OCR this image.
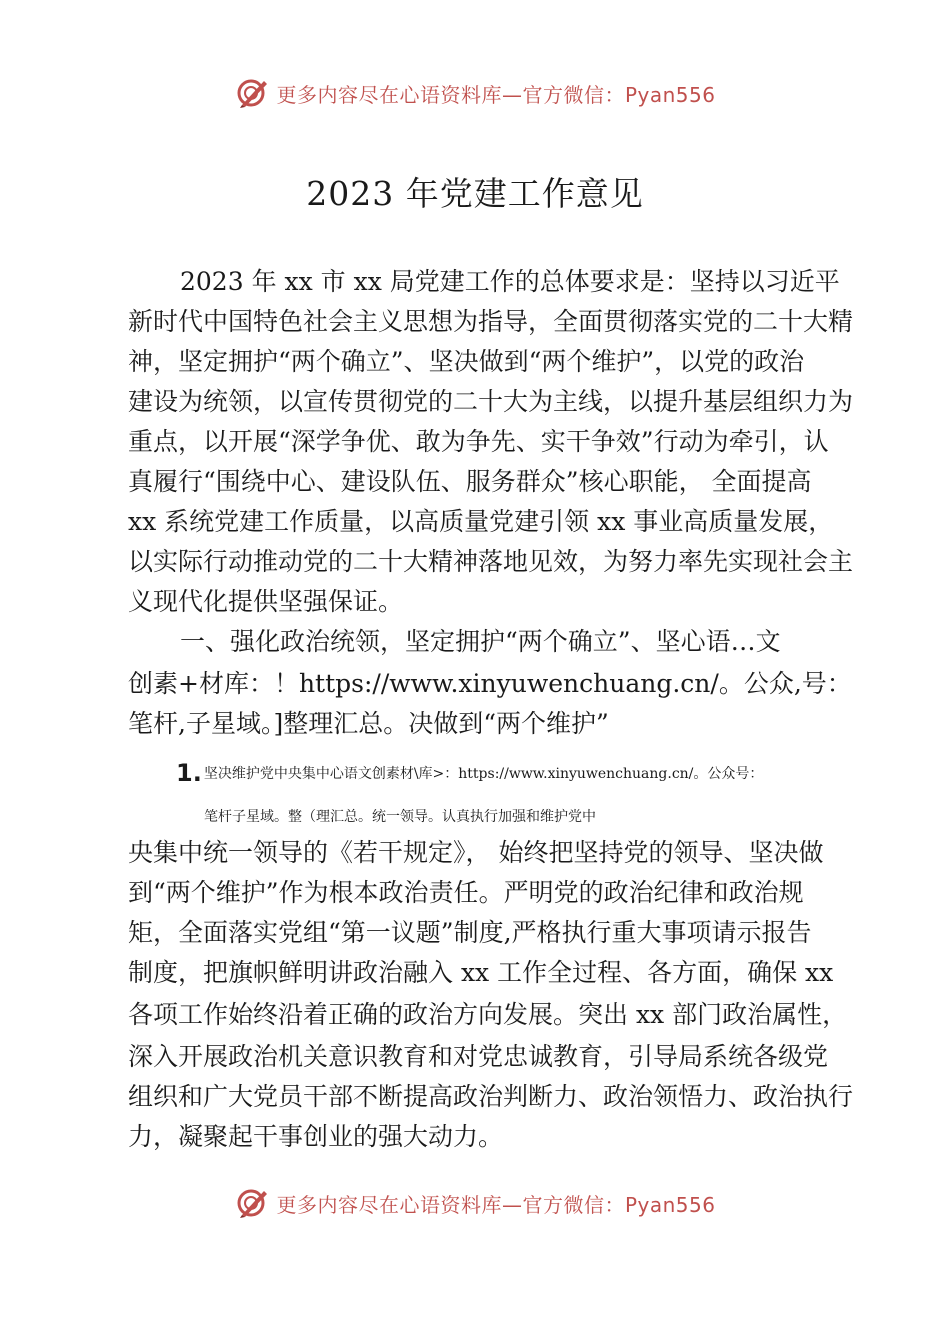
更多内容尽在心语资料库—官方微信：Pyan556
2023 年党建工作意见
2023 年 xx 市 xx 局党建工作的总体要求是：坚持以习近平
新时代中国特色社会主义思想为指导，全面贯彻落实党的二十大精
神，坚定拥护“两个确立”、坚决做到“两个维护”，以党的政治
建设为统领，以宣传贯彻党的二十大为主线，以提升基层组织力为
重点，以开展“深学争优、敢为争先、实干争效”行动为牵引，认
真履行“围绕中心、建设队伍、服务群众”核心职能， 全面提高
xx 系统党建工作质量，以高质量党建引领 xx 事业高质量发展，
以实际行动推动党的二十大精神落地见效，为努力率先实现社会主
义现代化提供坚强保证。
一、强化政治统领，坚定拥护“两个确立”、坚心语…文
创素+材库：！https://www.xinyuwenchuang.cn/。公众,号：
笔杆,子星域。]整理汇总。决做到“两个维护”
1. 坚决维护党中央集中心语文创素材\库>：https://www.xinyuwenchuang.cn/。公众号：
笔杆子星域。整（理汇总。统一领导。认真执行加强和维护党中
央集中统一领导的《若干规定》， 始终把坚持党的领导、坚决做
到“两个维护”作为根本政治责任。严明党的政治纪律和政治规
矩，全面落实党组“第一议题”制度,严格执行重大事项请示报告
制度，把旗帜鲜明讲政治融入 xx 工作全过程、各方面，确保 xx
各项工作始终沿着正确的政治方向发展。突出 xx 部门政治属性，
深入开展政治机关意识教育和对党忠诚教育，引导局系统各级党
组织和广大党员干部不断提高政治判断力、政治领悟力、政治执行
力，凝聚起干事创业的强大动力。
更多内容尽在心语资料库—官方微信：Pyan556
